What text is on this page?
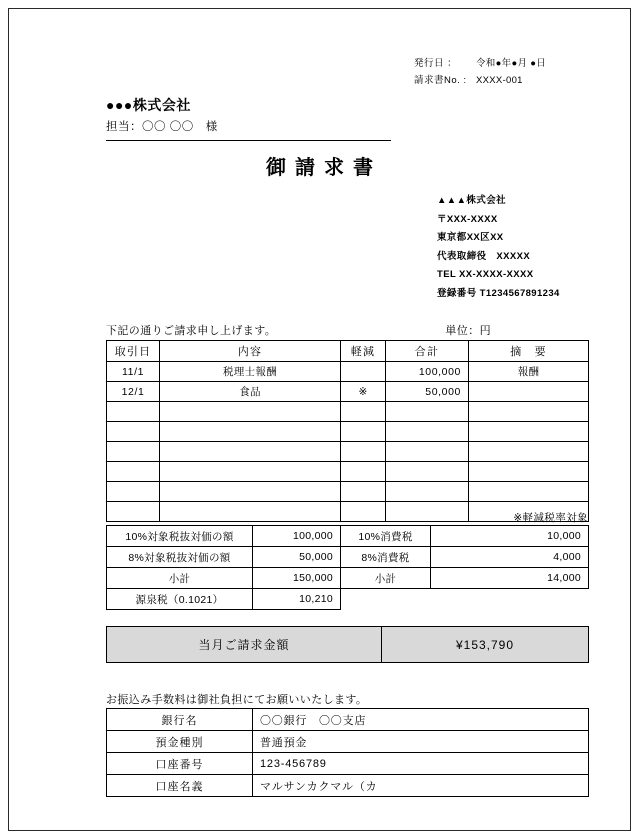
発行日 ：	令和●年●月 ●日
請求書No. : XXXX-001
●●●株式会社
担当：〇〇 〇〇　様
御請求書
▲▲▲株式会社
〒XXX-XXXX
東京都XX区XX
代表取締役　XXXXX
TEL XX-XXXX-XXXX
登録番号 T1234567891234
下記の通りご請求申し上げます。	単位：円
取引日	内容	軽減	合計	摘　要
11/1	税理士報酬		100,000	報酬
12/1	食品	※	50,000	

※軽減税率対象
10%対象税抜対価の額	100,000	10%消費税	10,000
8%対象税抜対価の額	50,000	8%消費税	4,000
小計	150,000	小計	14,000
源泉税（0.1021）	10,210		
当月ご請求金額	¥153,790
お振込み手数料は御社負担にてお願いいたします。
銀行名	〇〇銀行　〇〇支店
預金種別	普通預金
口座番号	123-456789
口座名義	マルサンカクマル（カ
